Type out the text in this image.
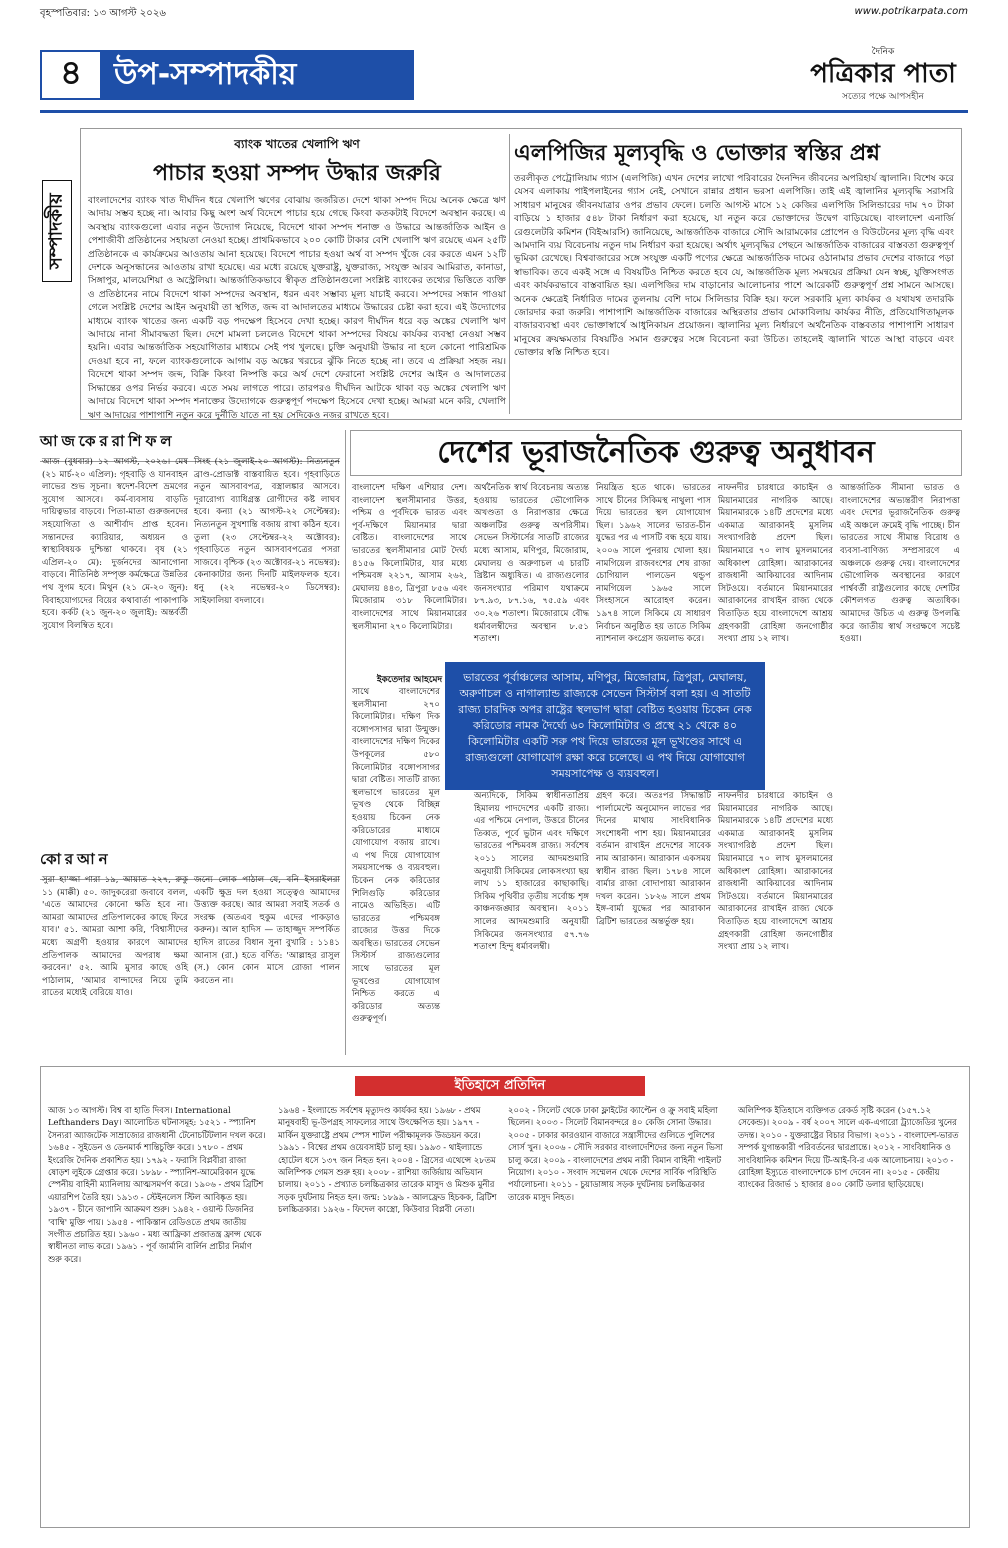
বৃহস্পতিবার: ১৩ আগস্ট ২০২৬	www.potrikarpata.com
৪	উপ-সম্পাদকীয়
দৈনিক
পত্রিকার পাতা
সত্যের পক্ষে আপসহীন
সম্পাদকীয়
ব্যাংক খাতের খেলাপি ঋণ
পাচার হওয়া সম্পদ উদ্ধার জরুরি
বাংলাদেশের ব্যাংক খাত দীর্ঘদিন ধরে খেলাপি ঋণের বোঝায় জর্জরিত। দেশে থাকা সম্পদ দিয়ে অনেক ক্ষেত্রে ঋণ আদায় সম্ভব হচ্ছে না। আবার কিছু অংশ অর্থ বিদেশে পাচার হয়ে গেছে কিংবা কতকটাই বিদেশে অবস্থান করছে। এ অবস্থায় ব্যাংকগুলো এবার নতুন উদ্যোগ নিয়েছে, বিদেশে থাকা সম্পদ শনাক্ত ও উদ্ধারে আন্তর্জাতিক আইন ও পেশাজীবী প্রতিষ্ঠানের সহায়তা নেওয়া হচ্ছে। প্রাথমিকভাবে ২০০ কোটি টাকার বেশি খেলাপি ঋণ রয়েছে এমন ২৫টি প্রতিষ্ঠানকে এ কার্যক্রমের আওতায় আনা হয়েছে। বিদেশে পাচার হওয়া অর্থ বা সম্পদ খুঁজে বের করতে এমন ১২টি দেশকে অনুসন্ধানের আওতায় রাখা হয়েছে। এর মধ্যে রয়েছে যুক্তরাষ্ট্র, যুক্তরাজ্য, সংযুক্ত আরব আমিরাত, কানাডা, সিঙ্গাপুর, মালয়েশিয়া ও অস্ট্রেলিয়া। আন্তর্জাতিকভাবে স্বীকৃত প্রতিষ্ঠানগুলো সংশ্লিষ্ট ব্যাংকের তথ্যের ভিত্তিতে ব্যক্তি ও প্রতিষ্ঠানের নামে বিদেশে থাকা সম্পদের অবস্থান, ধরন এবং সম্ভাব্য মূল্য যাচাই করবে। সম্পদের সন্ধান পাওয়া গেলে সংশ্লিষ্ট দেশের আইন অনুযায়ী তা স্থগিত, জব্দ বা আদালতের মাধ্যমে উদ্ধারের চেষ্টা করা হবে। এই উদ্যোগের মাধ্যমে ব্যাংক খাতের জন্য একটি বড় পদক্ষেপ হিসেবে দেখা হচ্ছে। কারণ দীর্ঘদিন ধরে বড় অঙ্কের খেলাপি ঋণ আদায়ে নানা সীমাবদ্ধতা ছিল। দেশে মামলা চললেও বিদেশে থাকা সম্পদের বিষয়ে কার্যকর ব্যবস্থা নেওয়া সম্ভব হয়নি। এবার আন্তর্জাতিক সহযোগিতার মাধ্যমে সেই পথ খুলছে। চুক্তি অনুযায়ী উদ্ধার না হলে কোনো পারিশ্রমিক দেওয়া হবে না, ফলে ব্যাংকগুলোকে আগাম বড় অঙ্কের খরচের ঝুঁকি নিতে হচ্ছে না। তবে এ প্রক্রিয়া সহজ নয়। বিদেশে থাকা সম্পদ জব্দ, বিক্রি কিংবা নিষ্পত্তি করে অর্থ দেশে ফেরানো সংশ্লিষ্ট দেশের আইন ও আদালতের সিদ্ধান্তের ওপর নির্ভর করবে। এতে সময় লাগতে পারে। তারপরও দীর্ঘদিন আটকে থাকা বড় অঙ্কের খেলাপি ঋণ আদায়ে বিদেশে থাকা সম্পদ শনাক্তের উদ্যোগকে গুরুত্বপূর্ণ পদক্ষেপ হিসেবে দেখা হচ্ছে। আমরা মনে করি, খেলাপি ঋণ আদায়ের পাশাপাশি নতুন করে দুর্নীতি যাতে না হয় সেদিকেও নজর রাখতে হবে।
এলপিজির মূল্যবৃদ্ধি ও ভোক্তার স্বস্তির প্রশ্ন
তরলীকৃত পেট্রোলিয়াম গ্যাস (এলপিজি) এখন দেশের লাখো পরিবারের দৈনন্দিন জীবনের অপরিহার্য জ্বালানি। বিশেষ করে যেসব এলাকায় পাইপলাইনের গ্যাস নেই, সেখানে রান্নার প্রধান ভরসা এলপিজি। তাই এই জ্বালানির মূল্যবৃদ্ধি সরাসরি সাধারণ মানুষের জীবনযাত্রার ওপর প্রভাব ফেলে। চলতি আগস্ট মাসে ১২ কেজির এলপিজি সিলিন্ডারের দাম ৭০ টাকা বাড়িয়ে ১ হাজার ৫৪৮ টাকা নির্ধারণ করা হয়েছে, যা নতুন করে ভোক্তাদের উদ্বেগ বাড়িয়েছে। বাংলাদেশ এনার্জি রেগুলেটরি কমিশন (বিইআরসি) জানিয়েছে, আন্তর্জাতিক বাজারে সৌদি আরামকোর প্রোপেন ও বিউটেনের মূল্য বৃদ্ধি এবং আমদানি ব্যয় বিবেচনায় নতুন দাম নির্ধারণ করা হয়েছে। অর্থাৎ মূল্যবৃদ্ধির পেছনে আন্তর্জাতিক বাজারের বাস্তবতা গুরুত্বপূর্ণ ভূমিকা রেখেছে। বিশ্ববাজারের সঙ্গে সংযুক্ত একটি পণ্যের ক্ষেত্রে আন্তর্জাতিক দামের ওঠানামার প্রভাব দেশের বাজারে পড়া স্বাভাবিক। তবে একই সঙ্গে এ বিষয়টিও নিশ্চিত করতে হবে যে, আন্তর্জাতিক মূল্য সমন্বয়ের প্রক্রিয়া যেন স্বচ্ছ, যুক্তিসংগত এবং কার্যকরভাবে বাস্তবায়িত হয়। এলপিজির দাম বাড়ানোর আলোচনার পাশে আরেকটি গুরুত্বপূর্ণ প্রশ্ন সামনে আসছে। অনেক ক্ষেত্রেই নির্ধারিত দামের তুলনায় বেশি দামে সিলিন্ডার বিক্রি হয়। ফলে সরকারি মূল্য কার্যকর ও যথাযথ তদারকি জোরদার করা জরুরি। পাশাপাশি আন্তর্জাতিক বাজারের অস্থিরতার প্রভাব মোকাবিলায় কার্যকর নীতি, প্রতিযোগিতামূলক বাজারব্যবস্থা এবং ভোক্তাস্বার্থে আধুনিকায়ন প্রয়োজন। জ্বালানির মূল্য নির্ধারণে অর্থনৈতিক বাস্তবতার পাশাপাশি সাধারণ মানুষের ক্রয়ক্ষমতার বিষয়টিও সমান গুরুত্বের সঙ্গে বিবেচনা করা উচিত। তাহলেই জ্বালানি খাতে আস্থা বাড়বে এবং ভোক্তার স্বস্তি নিশ্চিত হবে।
আজকেররাশিফল
আজ (বুধবার) ১২ আগস্ট, ২০২৬। মেষ (২১ মার্চ-২০ এপ্রিল): গৃহবাড়ি ও যানবাহন লাভের শুভ সূচনা। স্বদেশ-বিদেশ ভ্রমণের সুযোগ আসবে। কর্ম-ব্যবসায় বাড়তি দায়িত্বভার বাড়বে। পিতা-মাতা গুরুজনদের সহযোগিতা ও আশীর্বাদ প্রাপ্ত হবেন। সন্তানদের ক্যারিয়ার, অধ্যয়ন ও স্বাস্থ্যবিষয়ক দুশ্চিন্তা থাকবে। বৃষ (২১ এপ্রিল-২০ মে): দুর্জনদের আনাগোনা বাড়বে। নীতিনিষ্ঠ সম্পৃক্ত কর্মক্ষেত্রে উন্নতির পথ সুগম হবে। মিথুন (২১ মে-২০ জুন): বিবাহযোগ্যদের বিয়ের কথাবার্তা পাকাপাকি হবে। কর্কট (২১ জুন-২০ জুলাই): অন্তর্বর্তী সুযোগ বিলম্বিত হবে।
সিংহ (২১ জুলাই-২০ আগস্ট): নিত্যনতুন ব্রাণ্ড-প্রোডাক্ট বাস্তবায়িত হবে। গৃহবাড়িতে নতুন আসবাবপত্র, বস্ত্রালঙ্কার আসবে। দূরারোগ্য ব্যাধিগ্রস্ত রোগীদের কষ্ট লাঘব হবে। কন্যা (২১ আগস্ট-২২ সেপ্টেম্বর): নিত্যনতুন সুখশান্তি বজায় রাখা কঠিন হবে। তুলা (২৩ সেপ্টেম্বর-২২ অক্টোবর): গৃহবাড়িতে নতুন আসবাবপত্রের পসরা সাজবে। বৃশ্চিক (২৩ অক্টোবর-২১ নভেম্বর): কেনাকাটার জন্য দিনটি মাইলফলক হবে। ধনু (২২ নভেম্বর-২০ ডিসেম্বর): সাইফালিয়া বদলাবে।
কোরআন
সুরা হা'জ্জা পারা ১৯, আয়াত ২২৭, রুকু ১১ (মাক্কী) ৫০. জাদুকরেরা জবাবে বলল, 'এতে আমাদের কোনো ক্ষতি হবে না। আমরা আমাদের প্রতিপালকের কাছে ফিরে যাব।' ৫১. আমরা আশা করি, 'বিশ্বাসীদের মধ্যে অগ্রণী হওয়ার কারণে আমাদের প্রতিপালক আমাদের অপরাধ ক্ষমা করবেন।' ৫২. আমি মুসার কাছে ওহি পাঠালাম, 'আমার বান্দাদের নিয়ে তুমি রাতের মধ্যেই বেরিয়ে যাও।
জন্যে লোক পাঠাল যে, বনি ইসরাইলরা একটি ক্ষুদ্র দল হওয়া সত্ত্বেও আমাদের উত্ত্যক্ত করছে। আর আমরা সবাই সতর্ক ও সংরক্ষ (অতএব হুকুম এদের পাকড়াও করুন)। আল হাদিস — তাহাজ্জুদ সম্পর্কিত হাদিস রাতের বিধান সুনা বুখারি : ১১৪১ আনাস (রা.) হতে বর্ণিত: 'আল্লাহর রাসুল (স.) কোন কোন মাসে রোজা পালন করতেন না।
দেশের ভূরাজনৈতিক গুরুত্ব অনুধাবন
বাংলাদেশ দক্ষিণ এশিয়ার দেশ। বাংলাদেশ স্থলসীমানার উত্তর, পশ্চিম ও পূর্বদিকে ভারত এবং পূর্ব-দক্ষিণে মিয়ানমার দ্বারা বেষ্টিত। বাংলাদেশের সাথে ভারতের স্থলসীমানার মোট দৈর্ঘ্য ৪১৫৬ কিলোমিটার, যার মধ্যে পশ্চিমবঙ্গ ২২১৭, আসাম ২৬২, মেঘালয় ৪৪৩, ত্রিপুরা ৮৫৬ এবং মিজোরাম ৩১৮ কিলোমিটার। বাংলাদেশের সাথে মিয়ানমারের স্থলসীমানা ২৭০ কিলোমিটার।
অর্থনৈতিক স্বার্থ বিবেচনায় অত্যন্ত হওয়ায় ভারতের ভৌগোলিক অখণ্ডতা ও নিরাপত্তার ক্ষেত্রে অঞ্চলটির গুরুত্ব অপরিসীম। সেভেন সিস্টার্সের সাতটি রাজ্যের মধ্যে আসাম, মণিপুর, মিজোরাম, মেঘালয় ও অরুণাচল এ চারটি খ্রিষ্টান অধ্যুষিত। এ রাজ্যগুলোর জনসংখ্যার পরিমাণ যথাক্রমে ৮৭.৯৩, ৮৭.১৬, ৭৫.৫৯ এবং ৩০.২৬ শতাংশ। মিজোরামে বৌদ্ধ ধর্মাবলম্বীদের অবস্থান ৮.৫১ শতাংশ।
নিয়ন্ত্রিত হতে থাকে। ভারতের সাথে চীনের সিকিমস্থ নাথুলা পাস দিয়ে ভারতের স্থল যোগাযোগ ছিল। ১৯৬২ সালের ভারত-চীন যুদ্ধের পর এ পাসটি বন্ধ হয়ে যায়। ২০০৬ সালে পুনরায় খোলা হয়। নামগিয়েল রাজবংশের শেষ রাজা চোগিয়াল পালডেন থন্ডুপ নামগিয়েল ১৯৬৫ সালে সিংহাসনে আরোহণ করেন। ১৯৭৪ সালে সিকিমে যে সাধারণ নির্বাচন অনুষ্ঠিত হয় তাতে সিকিম ন্যাশনাল কংগ্রেস জয়লাভ করে।
নাফনদীর চারধারে কাচাইন ও মিয়ানমারের নাগরিক আছে। মিয়ানমারকে ১৪টি প্রদেশের মধ্যে একমাত্র আরাকানই মুসলিম সংখ্যাগরিষ্ঠ প্রদেশ ছিল। মিয়ানমারে ৭০ লাখ মুসলমানের অধিকাংশ রোহিঙ্গা। আরাকানের রাজধানী আকিয়াবের আদিনাম সিটওয়ে। বর্তমানে মিয়ানমারের আরাকানের রাখাইন রাজ্য থেকে বিতাড়িত হয়ে বাংলাদেশে আশ্রয় গ্রহণকারী রোহিঙ্গা জনগোষ্ঠীর সংখ্যা প্রায় ১২ লাখ।
আন্তর্জাতিক সীমানা ভারত ও বাংলাদেশের অভ্যন্তরীণ নিরাপত্তা এবং দেশের ভূরাজনৈতিক গুরুত্ব এই অঞ্চলে ক্রমেই বৃদ্ধি পাচ্ছে। চীন ভারতের সাথে সীমান্ত বিরোধ ও ব্যবসা-বাণিজ্য সম্প্রসারণে এ অঞ্চলকে গুরুত্ব দেয়। বাংলাদেশের ভৌগোলিক অবস্থানের কারণে পার্শ্ববর্তী রাষ্ট্রগুলোর কাছে দেশটির কৌশলগত গুরুত্ব অত্যধিক। আমাদের উচিত এ গুরুত্ব উপলব্ধি করে জাতীয় স্বার্থ সংরক্ষণে সচেষ্ট হওয়া।
ইকতেদার আহমেদ
সাথে বাংলাদেশের স্থলসীমানা ২৭০ কিলোমিটার। দক্ষিণ দিক বঙ্গোপসাগর দ্বারা উন্মুক্ত। বাংলাদেশের দক্ষিণ দিকের উপকূলের ৫৮০ কিলোমিটার বঙ্গোপসাগর দ্বারা বেষ্টিত। সাতটি রাজ্য স্থলভাগে ভারতের মূল ভূখণ্ড থেকে বিচ্ছিন্ন হওয়ায় চিকেন নেক করিডোরের মাধ্যমে যোগাযোগ বজায় রাখে। এ পথ দিয়ে যোগাযোগ সময়সাপেক্ষ ও ব্যয়বহুল। চিকেন নেক করিডোর শিলিগুড়ি করিডোর নামেও অভিহিত। এটি ভারতের পশ্চিমবঙ্গ রাজ্যের উত্তর দিকে অবস্থিত। ভারতের সেভেন সিস্টার্স রাজ্যগুলোর সাথে ভারতের মূল ভূখণ্ডের যোগাযোগ নিশ্চিত করতে এ করিডোর অত্যন্ত গুরুত্বপূর্ণ।
ভারতের পূর্বাঞ্চলের আসাম, মণিপুর, মিজোরাম, ত্রিপুরা, মেঘালয়, অরুণাচল ও নাগাল্যান্ড রাজ্যকে সেভেন সিস্টার্স বলা হয়। এ সাতটি রাজ্য চারদিক অপর রাষ্ট্রের স্থলভাগ দ্বারা বেষ্টিত হওয়ায় চিকেন নেক করিডোর নামক দৈর্ঘ্যে ৬০ কিলোমিটার ও প্রস্থে ২১ থেকে ৪০ কিলোমিটার একটি সরু পথ দিয়ে ভারতের মূল ভূখণ্ডের সাথে এ রাজ্যগুলো যোগাযোগ রক্ষা করে চলেছে। এ পথ দিয়ে যোগাযোগ সময়সাপেক্ষ ও ব্যয়বহুল।
অন্যদিকে, সিকিম স্বাধীনতাপ্রিয় হিমালয় পাদদেশের একটি রাজ্য। এর পশ্চিমে নেপাল, উত্তরে চীনের তিব্বত, পূর্বে ভুটান এবং দক্ষিণে ভারতের পশ্চিমবঙ্গ রাজ্য। সর্বশেষ ২০১১ সালের আদমশুমারি অনুযায়ী সিকিমের লোকসংখ্যা ছয় লাখ ১১ হাজারের কাছাকাছি। সিকিম পৃথিবীর তৃতীয় সর্বোচ্চ শৃঙ্গ কাঞ্চনজঙ্ঘার অবস্থান। ২০১১ সালের আদমশুমারি অনুযায়ী সিকিমের জনসংখ্যার ৫৭.৭৬ শতাংশ হিন্দু ধর্মাবলম্বী।
গ্রহণ করে। অতঃপর সিদ্ধান্তটি পার্লামেন্টে অনুমোদন লাভের পর দিনের মাথায় সাংবিধানিক সংশোধনী পাশ হয়। মিয়ানমারের বর্তমান রাখাইন প্রদেশের সাবেক নাম আরাকান। আরাকান একসময় স্বাধীন রাজ্য ছিল। ১৭৮৪ সালে বার্মার রাজা বোদাপায়া আরাকান দখল করেন। ১৮২৬ সালে প্রথম ইঙ্গ-বার্মা যুদ্ধের পর আরাকান ব্রিটিশ ভারতের অন্তর্ভুক্ত হয়।
নাফনদীর চারধারে কাচাইন ও মিয়ানমারের নাগরিক আছে। মিয়ানমারকে ১৪টি প্রদেশের মধ্যে একমাত্র আরাকানই মুসলিম সংখ্যাগরিষ্ঠ প্রদেশ ছিল। মিয়ানমারে ৭০ লাখ মুসলমানের অধিকাংশ রোহিঙ্গা। আরাকানের রাজধানী আকিয়াবের আদিনাম সিটওয়ে। বর্তমানে মিয়ানমারের আরাকানের রাখাইন রাজ্য থেকে বিতাড়িত হয়ে বাংলাদেশে আশ্রয় গ্রহণকারী রোহিঙ্গা জনগোষ্ঠীর সংখ্যা প্রায় ১২ লাখ।
ইতিহাসে প্রতিদিন
আজ ১৩ আগস্ট। বিশ্ব বা হাতি দিবস। International Lefthanders Day। আলোচিত ঘটনাসমূহ: ১৫২১ - স্প্যানিশ সৈন্যরা অ্যাজটেক সাম্রাজ্যের রাজধানী টেনোচটিটলান দখল করে। ১৬৪৫ - সুইডেন ও ডেনমার্ক শান্তিচুক্তি করে। ১৭৮০ - প্রথম ইংরেজি দৈনিক প্রকাশিত হয়। ১৭৯২ - ফরাসি বিপ্লবীরা রাজা ষোড়শ লুইকে গ্রেপ্তার করে। ১৮৯৮ - স্প্যানিশ-আমেরিকান যুদ্ধে স্পেনীয় বাহিনী ম্যানিলায় আত্মসমর্পণ করে। ১৯০৬ - প্রথম ব্রিটিশ এয়ারশিপ তৈরি হয়। ১৯১৩ - স্টেইনলেস স্টিল আবিষ্কৃত হয়। ১৯৩৭ - চীনে জাপানি আক্রমণ শুরু। ১৯৪২ - ওয়াল্ট ডিজনির 'বাম্বি' মুক্তি পায়। ১৯৫৪ - পাকিস্তান রেডিওতে প্রথম জাতীয় সংগীত প্রচারিত হয়। ১৯৬০ - মধ্য আফ্রিকা প্রজাতন্ত্র ফ্রান্স থেকে স্বাধীনতা লাভ করে। ১৯৬১ - পূর্ব জার্মানি বার্লিন প্রাচীর নির্মাণ শুরু করে।
১৯৬৪ - ইংল্যান্ডে সর্বশেষ মৃত্যুদণ্ড কার্যকর হয়। ১৯৬৮ - প্রথম মানুষবাহী ভূ-উপগ্রহ সাফল্যের সাথে উৎক্ষেপিত হয়। ১৯৭৭ - মার্কিন যুক্তরাষ্ট্রে প্রথম স্পেস শাটল পরীক্ষামূলক উড্ডয়ন করে। ১৯৯১ - বিশ্বের প্রথম ওয়েবসাইট চালু হয়। ১৯৯৩ - থাইল্যান্ডে হোটেল ধসে ১৩৭ জন নিহত হন। ২০০৪ - গ্রিসের এথেন্সে ২৮তম অলিম্পিক গেমস শুরু হয়। ২০০৮ - রাশিয়া জর্জিয়ায় অভিযান চালায়। ২০১১ - প্রখ্যাত চলচ্চিত্রকার তারেক মাসুদ ও মিশুক মুনীর সড়ক দুর্ঘটনায় নিহত হন। জন্ম: ১৮৯৯ - আলফ্রেড হিচকক, ব্রিটিশ চলচ্চিত্রকার। ১৯২৬ - ফিদেল কাস্ত্রো, কিউবার বিপ্লবী নেতা।
২০০২ - সিলেট থেকে ঢাকা ফ্লাইটের ক্যাপ্টেন ও ক্রু সবাই মহিলা ছিলেন। ২০০৩ - সিলেট বিমানবন্দরে ৪০ কেজি সোনা উদ্ধার। ২০০৫ - ঢাকার কারওয়ান বাজারে সন্ত্রাসীদের গুলিতে পুলিশের সোর্স খুন। ২০০৬ - সৌদি সরকার বাংলাদেশিদের জন্য নতুন ভিসা চালু করে। ২০০৯ - বাংলাদেশের প্রথম নারী বিমান বাহিনী পাইলট নিয়োগ। ২০১০ - সংবাদ সম্মেলন থেকে দেশের সার্বিক পরিস্থিতি পর্যালোচনা। ২০১১ - চুয়াডাঙ্গায় সড়ক দুর্ঘটনায় চলচ্চিত্রকার তারেক মাসুদ নিহত।
অলিম্পিক ইতিহাসে ব্যক্তিগত রেকর্ড সৃষ্টি করেন (১৫৭.১২ সেকেন্ড)। ২০০৯ - বর্ষ ২০০৭ সালে এক-এগারো ট্র্যাজেডির খুনের তদন্ত। ২০১০ - যুক্তরাষ্ট্রের বিচার বিভাগ। ২০১১ - বাংলাদেশ-ভারত সম্পর্ক যুগান্তকারী পরিবর্তনের দ্বারপ্রান্তে। ২০১২ - সাংবিধানিক ও সাংবিধানিক কমিশন দিয়ে টি-আই-বি-র এক আলোচনায়। ২০১৩ - রোহিঙ্গা ইস্যুতে বাংলাদেশকে চাপ দেবেন না। ২০১৫ - কেন্দ্রীয় ব্যাংকের রিজার্ভ ১ হাজার ৪০০ কোটি ডলার ছাড়িয়েছে।
